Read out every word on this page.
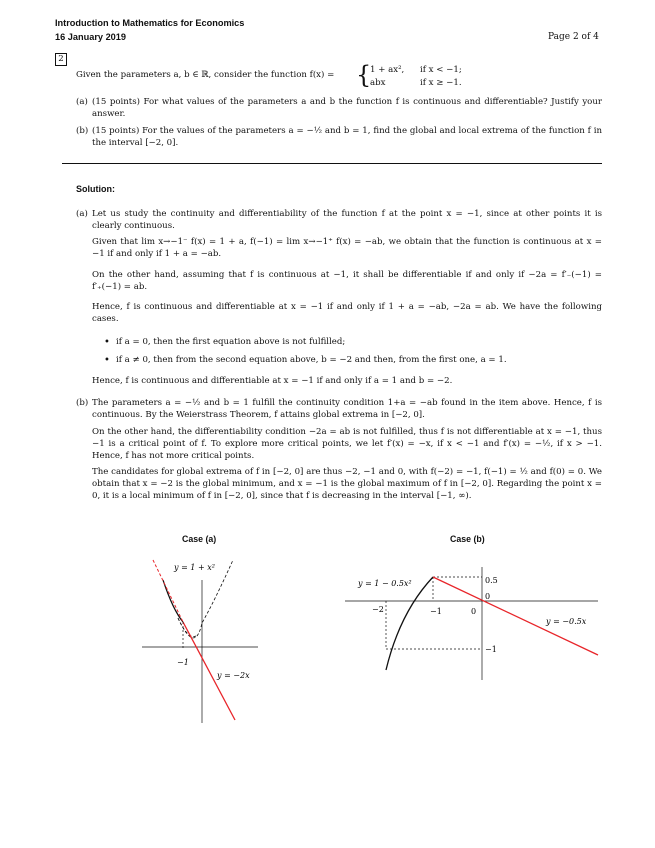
Introduction to Mathematics for Economics
16 January 2019	Page 2 of 4
2
Given the parameters a, b ∈ ℝ, consider the function f(x) = {
1 + ax², if x < −1;
abx	if x ≥ −1.
(a) (15 points) For what values of the parameters a and b the function f is continuous and differentiable? Justify your answer.

(b) (15 points) For the values of the parameters a = −½ and b = 1, find the global and local extrema of the function f in the interval [−2, 0].

Solution:
(a) Let us study the continuity and differentiability of the function f at the point x = −1, since at other points it is clearly continuous.

Given that lim x→−1⁻ f(x) = 1 + a, f(−1) = lim x→−1⁺ f(x) = −ab, we obtain that the function is continuous at x = −1 if and only if 1 + a = −ab.

On the other hand, assuming that f is continuous at −1, it shall be differentiable if and only if −2a = f′₋(−1) = f′₊(−1) = ab.

Hence, f is continuous and differentiable at x = −1 if and only if 1 + a = −ab, −2a = ab. We have the following cases.

• if a = 0, then the first equation above is not fulfilled;
• if a ≠ 0, then from the second equation above, b = −2 and then, from the first one, a = 1.

Hence, f is continuous and differentiable at x = −1 if and only if a = 1 and b = −2.

(b) The parameters a = −½ and b = 1 fulfill the continuity condition 1+a = −ab found in the item above. Hence, f is continuous. By the Weierstrass Theorem, f attains global extrema in [−2, 0].

On the other hand, the differentiability condition −2a = ab is not fulfilled, thus f is not differentiable at x = −1, thus −1 is a critical point of f. To explore more critical points, we let f′(x) = −x, if x < −1 and f′(x) = −½, if x > −1. Hence, f has not more critical points.

The candidates for global extrema of f in [−2, 0] are thus −2, −1 and 0, with f(−2) = −1, f(−1) = ½ and f(0) = 0. We obtain that x = −2 is the global minimum, and x = −1 is the global maximum of f in [−2, 0]. Regarding the point x = 0, it is a local minimum of f in [−2, 0], since that f is decreasing in the interval [−1, ∞).

Case (a)
−1
y = 1 + x²
y = −2x
Case (b)
y = 1 − 0.5x²
y = −0.5x
−2	−1	0
0.5
0
−1
